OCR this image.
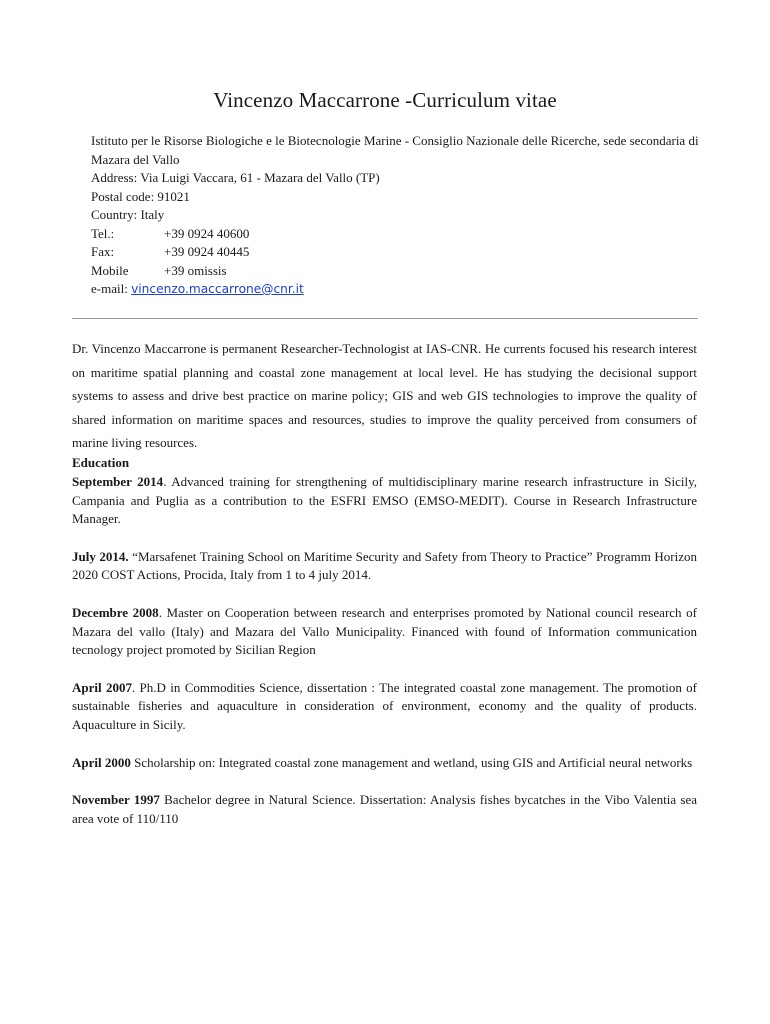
Vincenzo Maccarrone -Curriculum vitae
Istituto per le Risorse Biologiche e le Biotecnologie Marine - Consiglio Nazionale delle Ricerche, sede secondaria di Mazara del Vallo
Address: Via Luigi Vaccara, 61 - Mazara del Vallo (TP)
Postal code: 91021
Country: Italy
Tel.:	+39 0924 40600
Fax:	+39 0924 40445
Mobile	+39 omissis
e-mail: vincenzo.maccarrone@cnr.it
Dr. Vincenzo Maccarrone is permanent Researcher-Technologist at IAS-CNR. He currents focused his research interest on maritime spatial planning and coastal zone management at local level. He has studying the decisional support systems to assess and drive best practice on marine policy; GIS and web GIS technologies to improve the quality of shared information on maritime spaces and resources, studies to improve the quality perceived from consumers of marine living resources.
Education
September 2014. Advanced training for strengthening of multidisciplinary marine research infrastructure in Sicily, Campania and Puglia as a contribution to the ESFRI EMSO (EMSO-MEDIT). Course in Research Infrastructure Manager.
July 2014. “Marsafenet Training School on Maritime Security and Safety from Theory to Practice” Programm Horizon 2020 COST Actions, Procida, Italy from 1 to 4 july 2014.
Decembre 2008. Master on Cooperation between research and enterprises promoted by National council research of Mazara del vallo (Italy) and Mazara del Vallo Municipality. Financed with found of Information communication tecnology project promoted by Sicilian Region
April 2007. Ph.D in Commodities Science, dissertation : The integrated coastal zone management. The promotion of sustainable fisheries and aquaculture in consideration of environment, economy and the quality of products. Aquaculture in Sicily.
April 2000 Scholarship on: Integrated coastal zone management and wetland, using GIS and Artificial neural networks
November 1997 Bachelor degree in Natural Science. Dissertation: Analysis fishes bycatches in the Vibo Valentia sea area vote of 110/110
